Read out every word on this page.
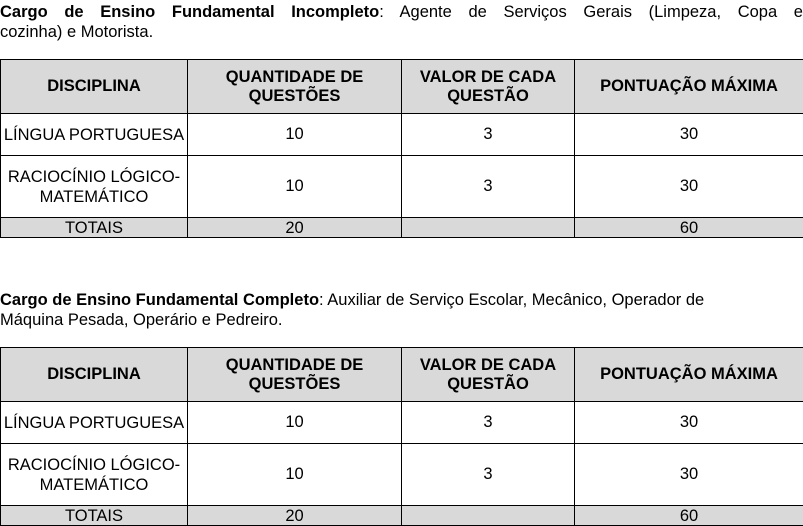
Cargo de Ensino Fundamental Incompleto: Agente de Serviços Gerais (Limpeza, Copa e
cozinha) e Motorista.

DISCIPLINA	QUANTIDADE DE QUESTÕES	VALOR DE CADA QUESTÃO	PONTUAÇÃO MÁXIMA
LÍNGUA PORTUGUESA	10	3	30
RACIOCÍNIO LÓGICO-MATEMÁTICO	10	3	30
TOTAIS	20		60

Cargo de Ensino Fundamental Completo: Auxiliar de Serviço Escolar, Mecânico, Operador de
Máquina Pesada, Operário e Pedreiro.

DISCIPLINA	QUANTIDADE DE QUESTÕES	VALOR DE CADA QUESTÃO	PONTUAÇÃO MÁXIMA
LÍNGUA PORTUGUESA	10	3	30
RACIOCÍNIO LÓGICO-MATEMÁTICO	10	3	30
TOTAIS	20		60
